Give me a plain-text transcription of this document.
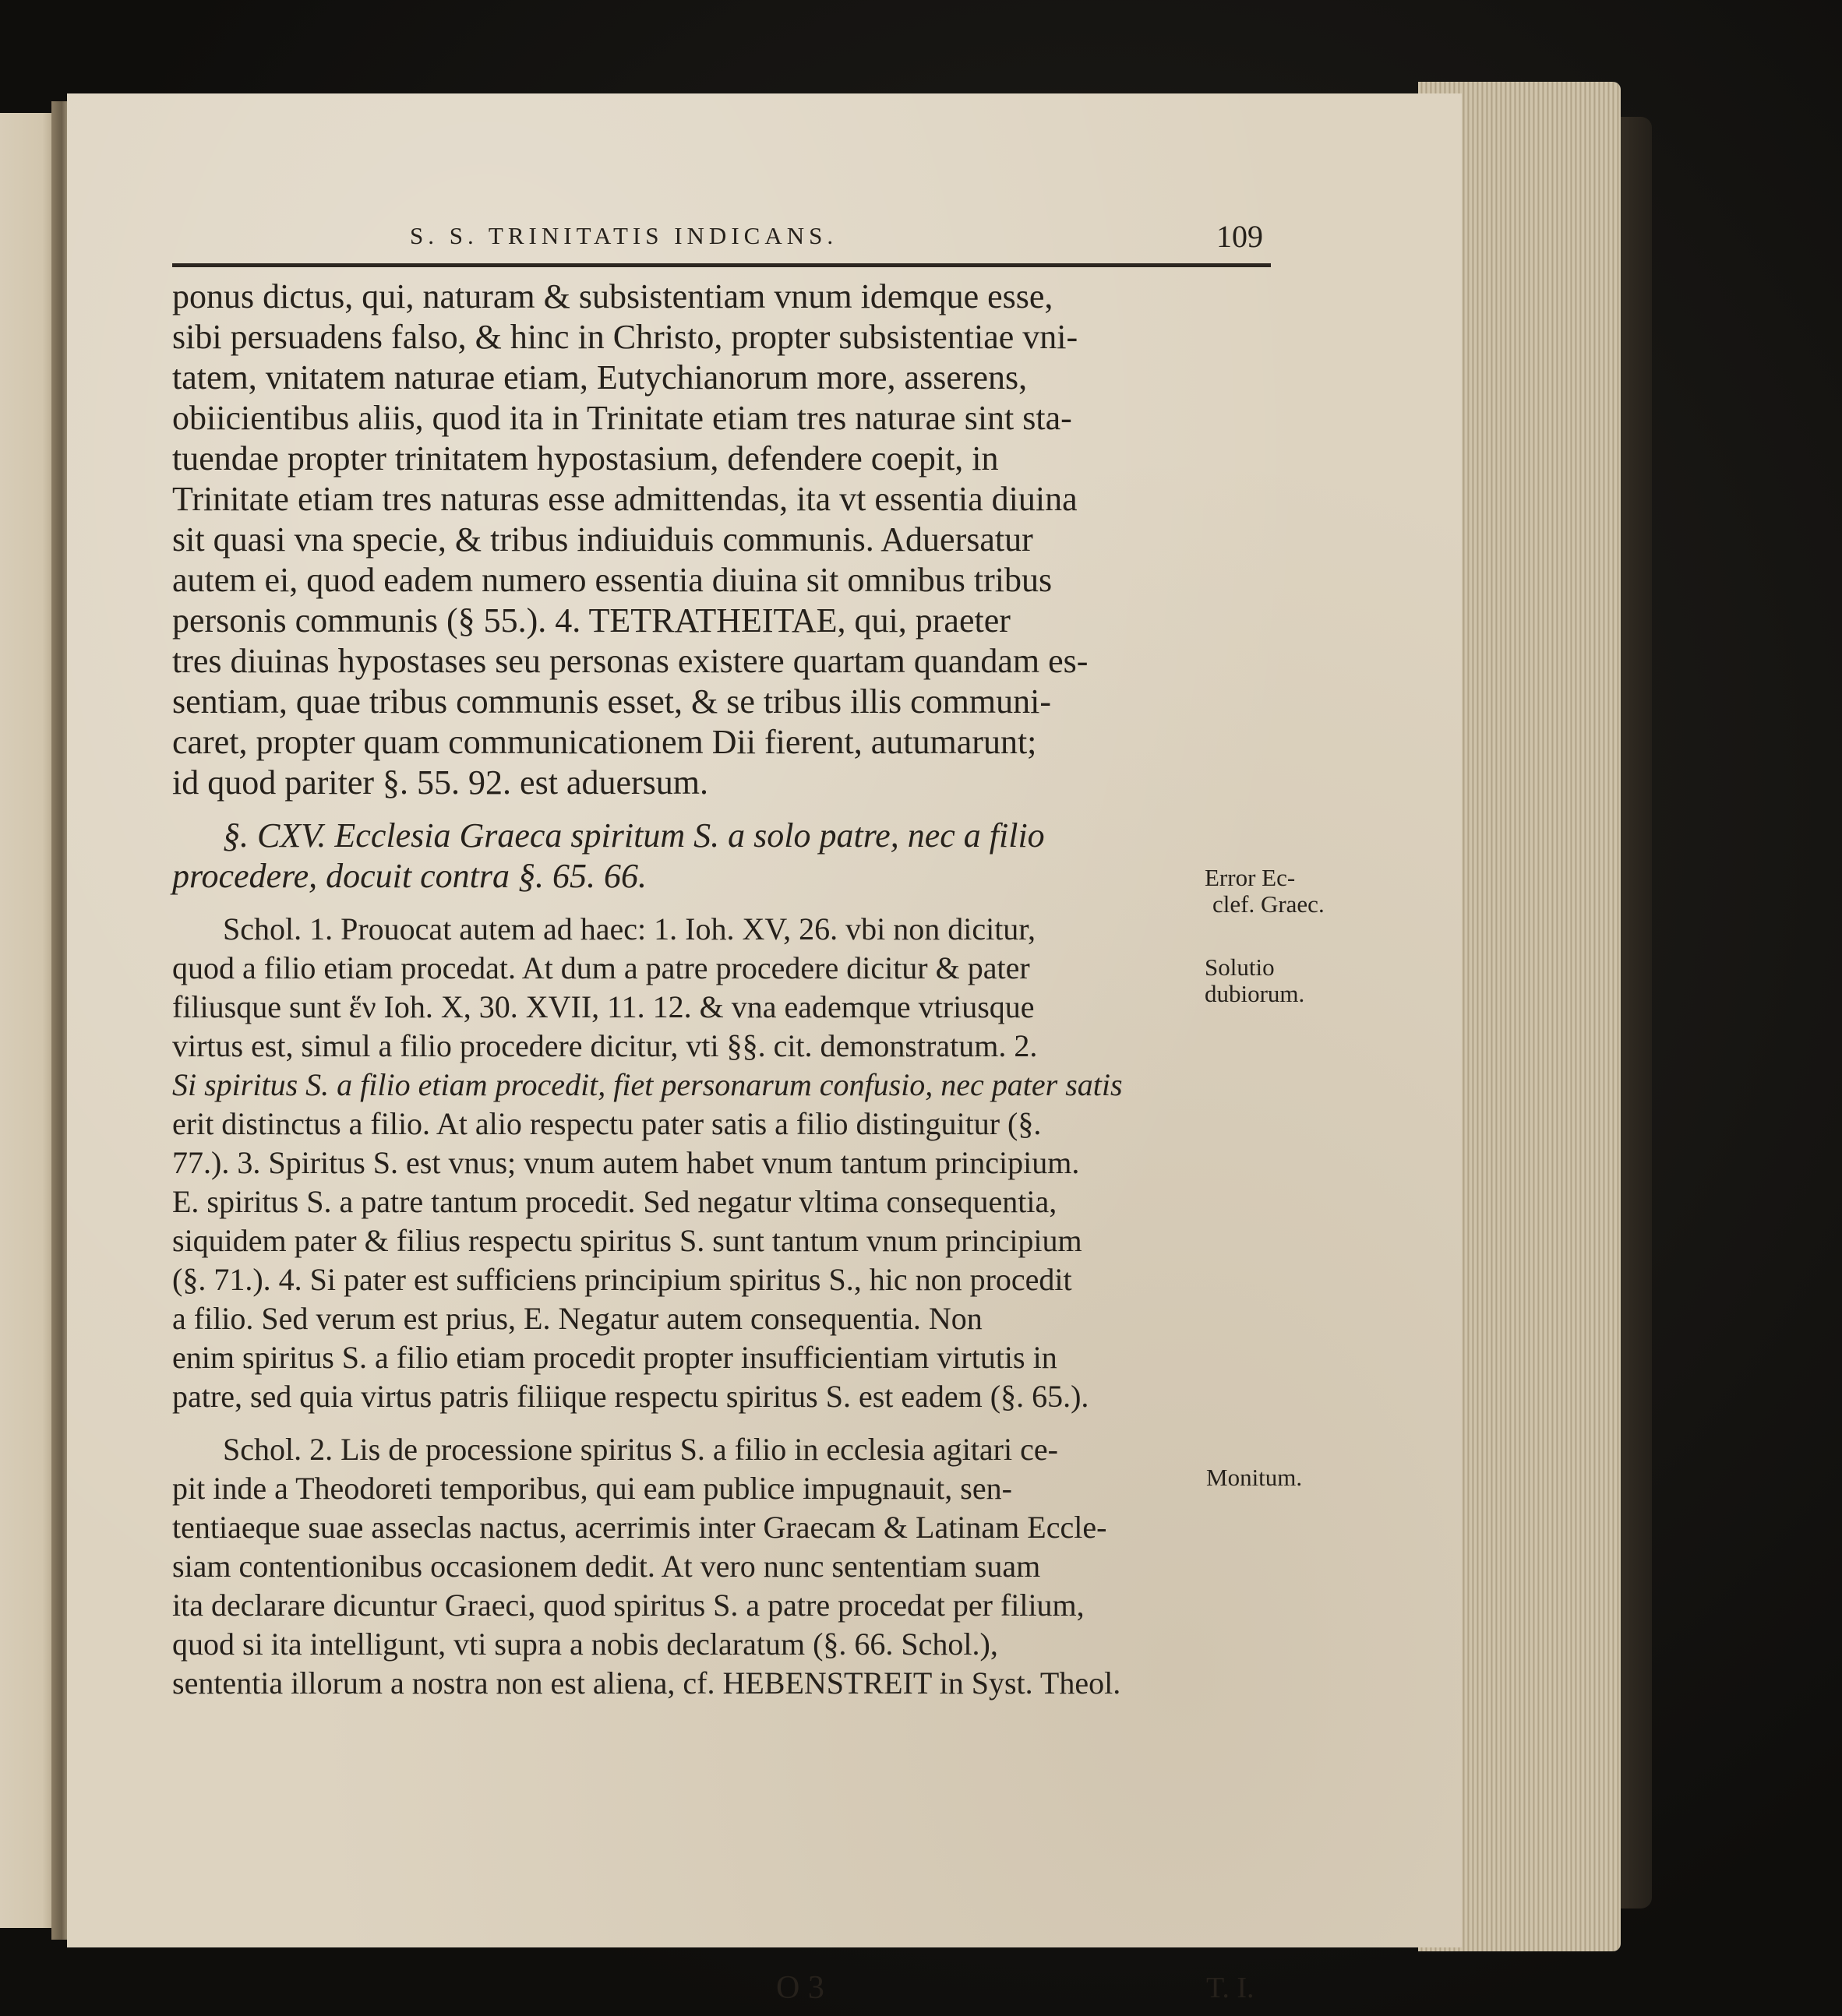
S. S. TRINITATIS INDICANS.	109
ponus dictus, qui, naturam & subsistentiam vnum idemque esse,
sibi persuadens falso, & hinc in Christo, propter subsistentiae vni-
tatem, vnitatem naturae etiam, Eutychianorum more, asserens,
obiicientibus aliis, quod ita in Trinitate etiam tres naturae sint sta-
tuendae propter trinitatem hypostasium, defendere coepit, in
Trinitate etiam tres naturas esse admittendas, ita vt essentia diuina
sit quasi vna specie, & tribus indiuiduis communis. Aduersatur
autem ei, quod eadem numero essentia diuina sit omnibus tribus
personis communis (§ 55.). 4. TETRATHEITAE, qui, praeter
tres diuinas hypostases seu personas existere quartam quandam es-
sentiam, quae tribus communis esset, & se tribus illis communi-
caret, propter quam communicationem Dii fierent, autumarunt;
id quod pariter §. 55. 92. est aduersum.
§. CXV. Ecclesia Graeca spiritum S. a solo patre, nec a filio
procedere, docuit contra §. 65. 66.
Schol. 1. Prouocat autem ad haec: 1. Ioh. XV, 26. vbi non dicitur,
quod a filio etiam procedat. At dum a patre procedere dicitur & pater
filiusque sunt ἕν Ioh. X, 30. XVII, 11. 12. & vna eademque vtriusque
virtus est, simul a filio procedere dicitur, vti §§. cit. demonstratum. 2.
Si spiritus S. a filio etiam procedit, fiet personarum confusio, nec pater satis
erit distinctus a filio. At alio respectu pater satis a filio distinguitur (§.
77.). 3. Spiritus S. est vnus; vnum autem habet vnum tantum principium.
E. spiritus S. a patre tantum procedit. Sed negatur vltima consequentia,
siquidem pater & filius respectu spiritus S. sunt tantum vnum principium
(§. 71.). 4. Si pater est sufficiens principium spiritus S., hic non procedit
a filio. Sed verum est prius, E. Negatur autem consequentia. Non
enim spiritus S. a filio etiam procedit propter insufficientiam virtutis in
patre, sed quia virtus patris filiique respectu spiritus S. est eadem (§. 65.).
Schol. 2. Lis de processione spiritus S. a filio in ecclesia agitari ce-
pit inde a Theodoreti temporibus, qui eam publice impugnauit, sen-
tentiaeque suae asseclas nactus, acerrimis inter Graecam & Latinam Eccle-
siam contentionibus occasionem dedit. At vero nunc sententiam suam
ita declarare dicuntur Graeci, quod spiritus S. a patre procedat per filium,
quod si ita intelligunt, vti supra a nobis declaratum (§. 66. Schol.),
sententia illorum a nostra non est aliena, cf. HEBENSTREIT in Syst. Theol.
Error Ec-
clef. Graec.
Solutio
dubiorum.
Monitum.
O 3	T. I.
